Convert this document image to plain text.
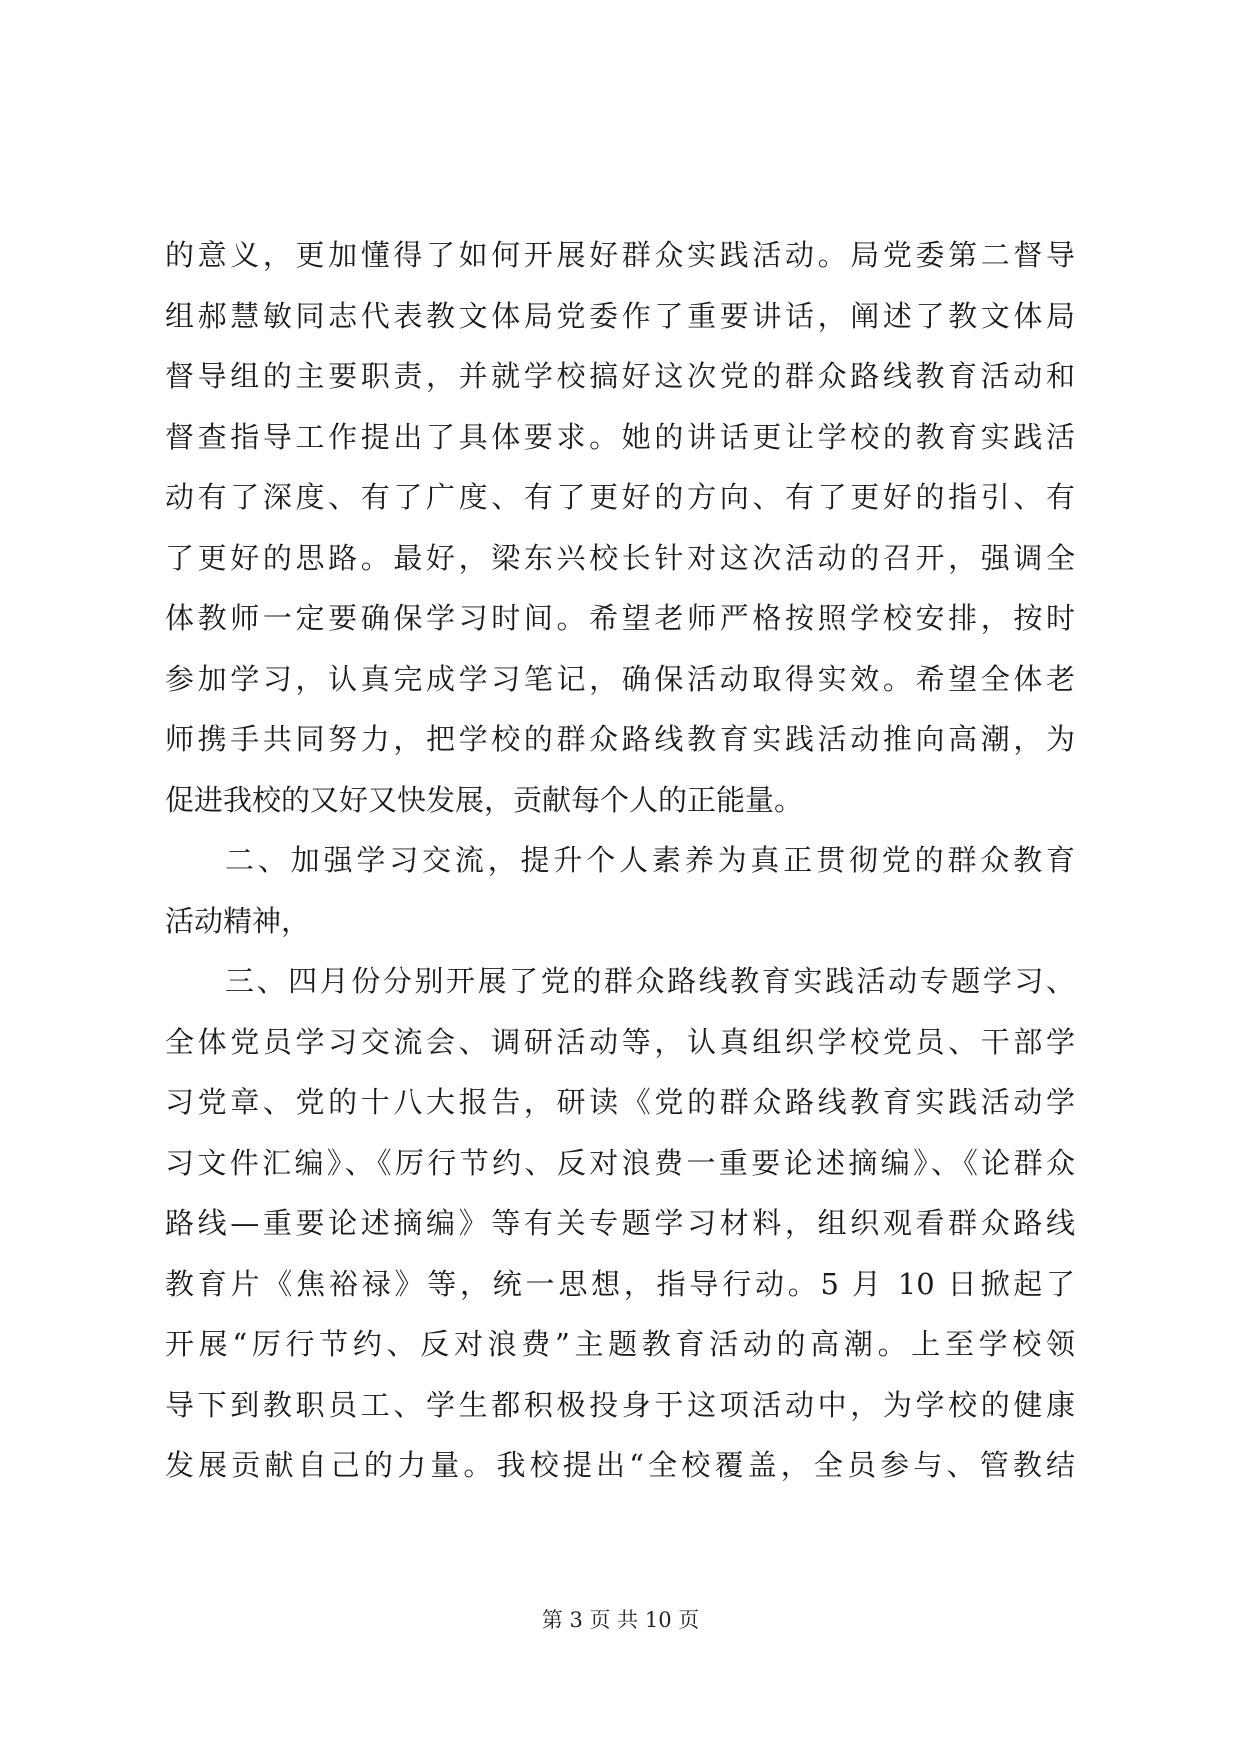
的意义，更加懂得了如何开展好群众实践活动。局党委第二督导
组郝慧敏同志代表教文体局党委作了重要讲话，阐述了教文体局
督导组的主要职责，并就学校搞好这次党的群众路线教育活动和
督查指导工作提出了具体要求。她的讲话更让学校的教育实践活
动有了深度、有了广度、有了更好的方向、有了更好的指引、有
了更好的思路。最好，梁东兴校长针对这次活动的召开，强调全
体教师一定要确保学习时间。希望老师严格按照学校安排，按时
参加学习，认真完成学习笔记，确保活动取得实效。希望全体老
师携手共同努力，把学校的群众路线教育实践活动推向高潮，为
促进我校的又好又快发展，贡献每个人的正能量。
二、加强学习交流，提升个人素养为真正贯彻党的群众教育
活动精神，
三、四月份分别开展了党的群众路线教育实践活动专题学习、
全体党员学习交流会、调研活动等，认真组织学校党员、干部学
习党章、党的十八大报告，研读《党的群众路线教育实践活动学
习文件汇编》、《厉行节约、反对浪费一重要论述摘编》、《论群众
路线—重要论述摘编》等有关专题学习材料，组织观看群众路线
教育片《焦裕禄》等，统一思想，指导行动。5 月 10 日掀起了
开展“厉行节约、反对浪费”主题教育活动的高潮。上至学校领
导下到教职员工、学生都积极投身于这项活动中，为学校的健康
发展贡献自己的力量。我校提出“全校覆盖，全员参与、管教结
第 3 页 共 10 页
